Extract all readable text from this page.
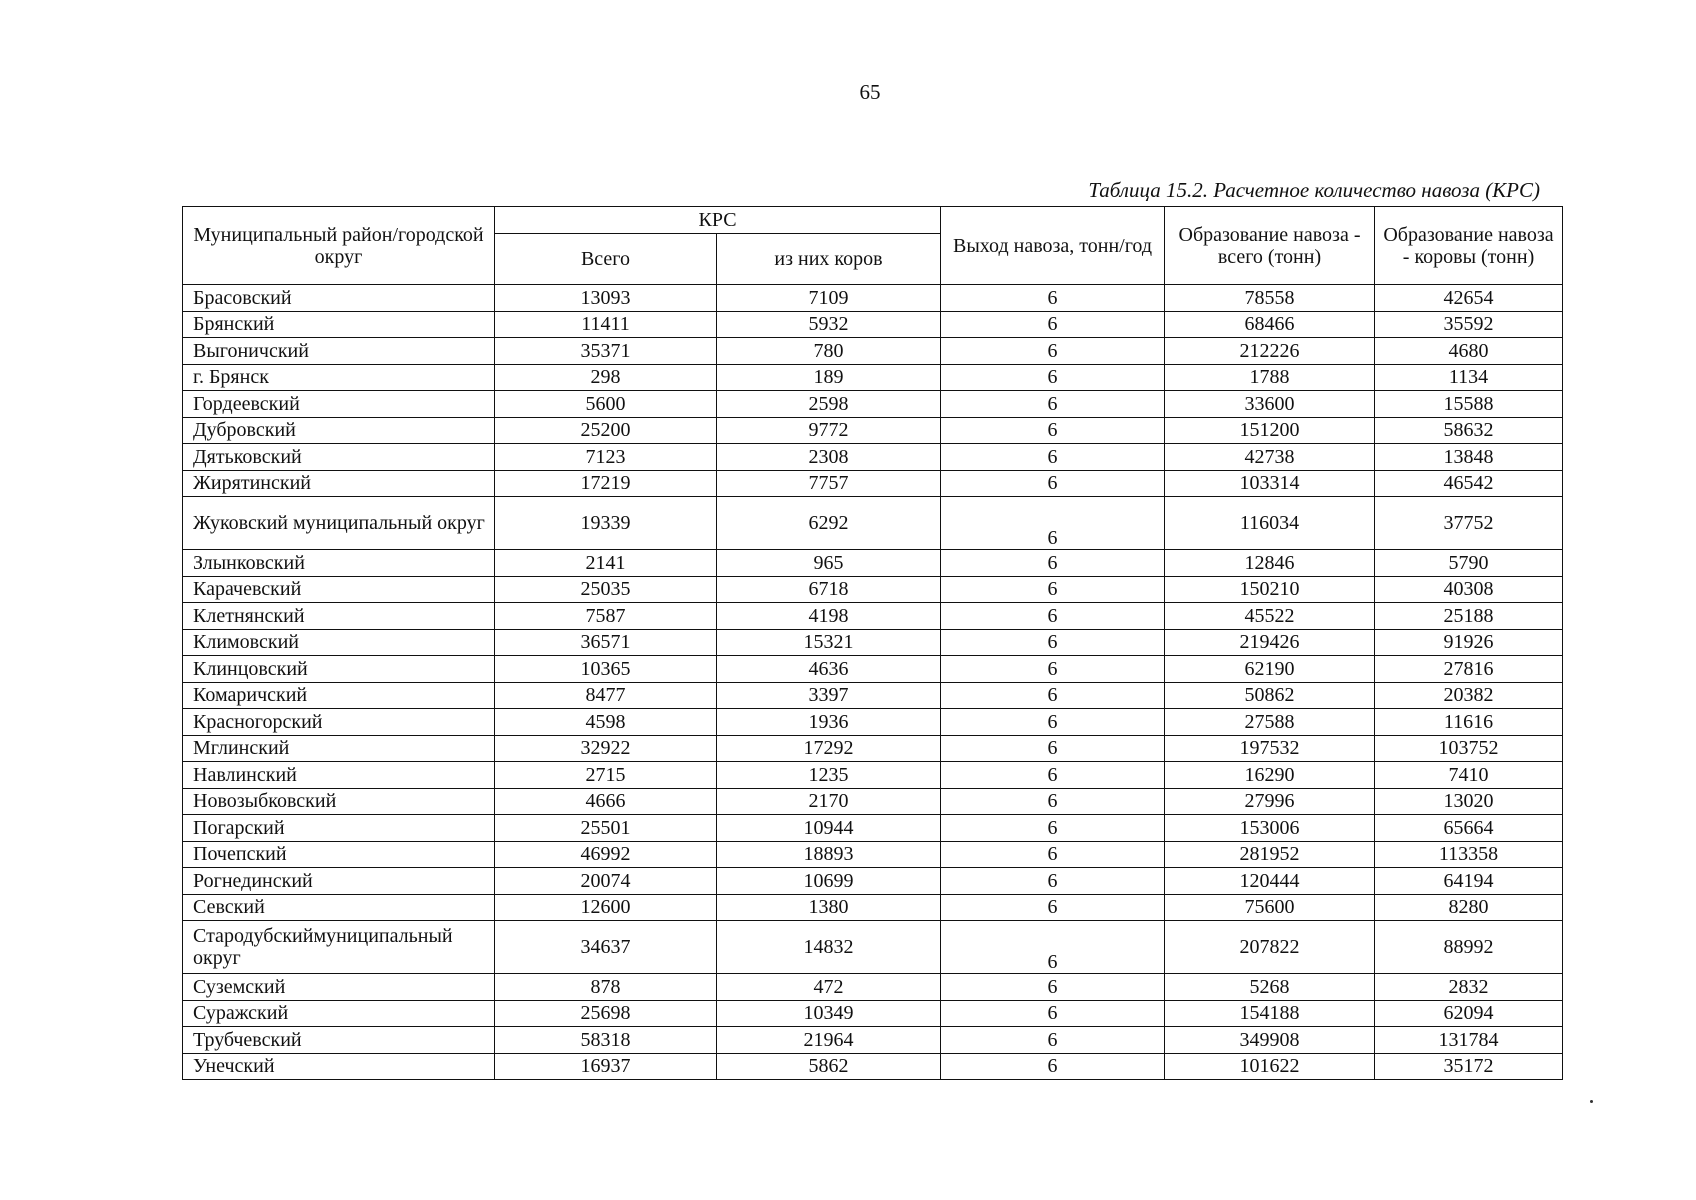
65
Таблица 15.2. Расчетное количество навоза (КРС)
Муниципальный район/городской округ	КРС		Выход навоза, тонн/год	Образование навоза - всего (тонн)	Образование навоза - коровы (тонн)
	Всего	из них коров			
Брасовский	13093	7109	6	78558	42654
Брянский	11411	5932	6	68466	35592
Выгоничский	35371	780	6	212226	4680
г. Брянск	298	189	6	1788	1134
Гордеевский	5600	2598	6	33600	15588
Дубровский	25200	9772	6	151200	58632
Дятьковский	7123	2308	6	42738	13848
Жирятинский	17219	7757	6	103314	46542
Жуковский муниципальный округ	19339	6292	6	116034	37752
Злынковский	2141	965	6	12846	5790
Карачевский	25035	6718	6	150210	40308
Клетнянский	7587	4198	6	45522	25188
Климовский	36571	15321	6	219426	91926
Клинцовский	10365	4636	6	62190	27816
Комаричский	8477	3397	6	50862	20382
Красногорский	4598	1936	6	27588	11616
Мглинский	32922	17292	6	197532	103752
Навлинский	2715	1235	6	16290	7410
Новозыбковский	4666	2170	6	27996	13020
Погарский	25501	10944	6	153006	65664
Почепский	46992	18893	6	281952	113358
Рогнединский	20074	10699	6	120444	64194
Севский	12600	1380	6	75600	8280
Стародубскиймуниципальный округ	34637	14832	6	207822	88992
Суземский	878	472	6	5268	2832
Суражский	25698	10349	6	154188	62094
Трубчевский	58318	21964	6	349908	131784
Унечский	16937	5862	6	101622	35172
